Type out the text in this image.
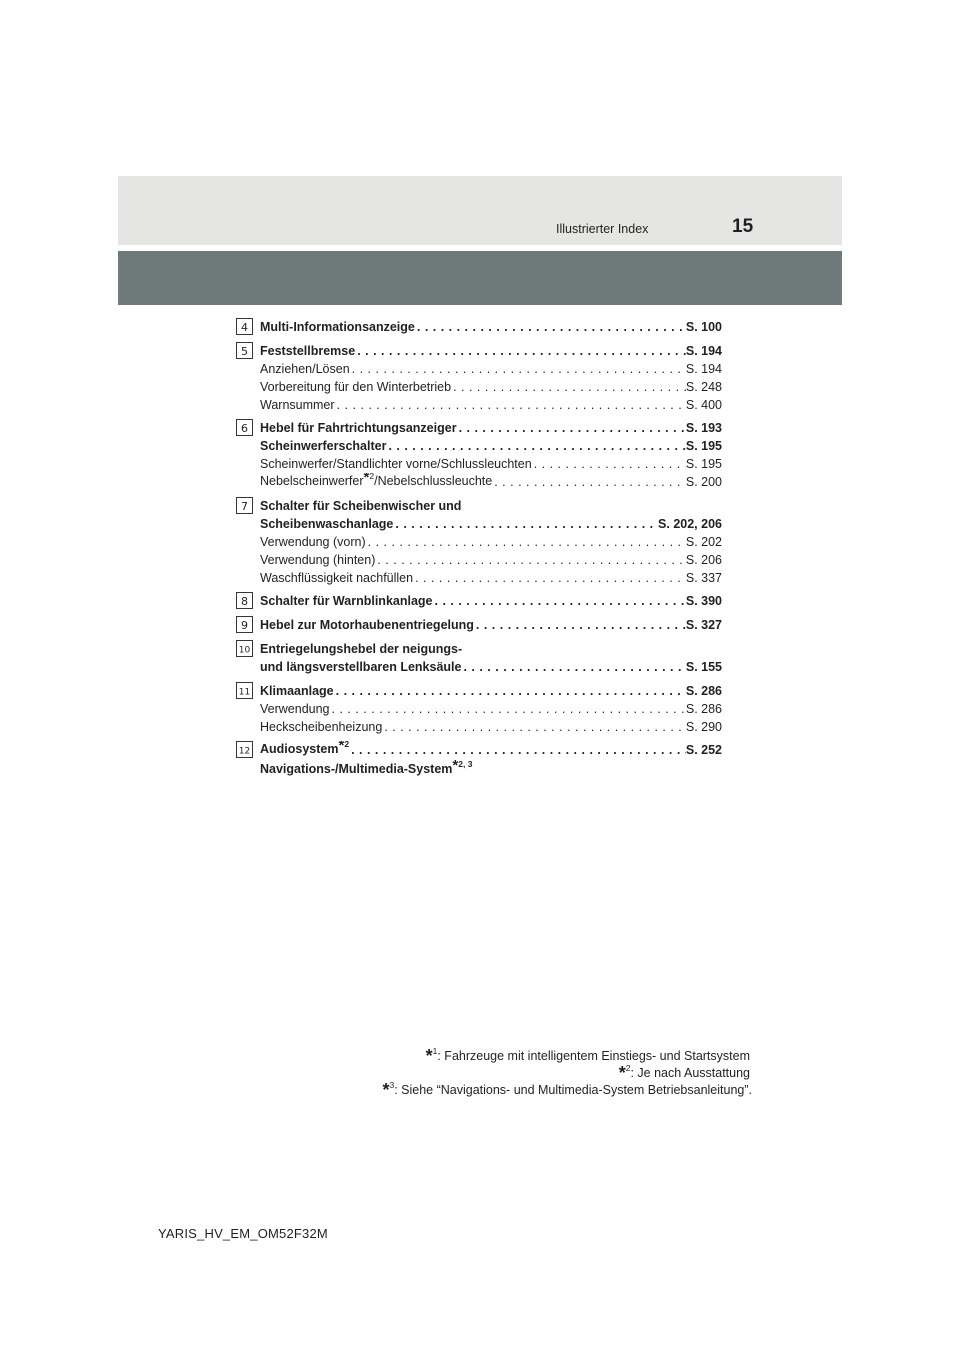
Illustrierter Index	15
4 Multi-Informationsanzeige . . .	S. 100
5 Feststellbremse . . .	S. 194
Anziehen/Lösen . . .	S. 194
Vorbereitung für den Winterbetrieb . . .	S. 248
Warnsummer . . .	S. 400
6 Hebel für Fahrtrichtungsanzeiger . . .	S. 193
Scheinwerferschalter . . .	S. 195
Scheinwerfer/Standlichter vorne/Schlussleuchten . . .	S. 195
Nebelscheinwerfer*$^2$/Nebelschlussleuchte . . .	S. 200
7 Schalter für Scheibenwischer und
Scheibenwaschanlage . . .	S. 202, 206
Verwendung (vorn) . . .	S. 202
Verwendung (hinten) . . .	S. 206
Waschflüssigkeit nachfüllen . . .	S. 337
8 Schalter für Warnblinkanlage . . .	S. 390
9 Hebel zur Motorhaubenentriegelung . . .	S. 327
10 Entriegelungshebel der neigungs-
und längsverstellbaren Lenksäule . . .	S. 155
11 Klimaanlage . . .	S. 286
Verwendung . . .	S. 286
Heckscheibenheizung . . .	S. 290
12 Audiosystem*$^2$ . . .	S. 252
Navigations-/Multimedia-System*$^{2, 3}$
*$^1$: Fahrzeuge mit intelligentem Einstiegs- und Startsystem
*$^2$: Je nach Ausstattung
*$^3$: Siehe “Navigations- und Multimedia-System Betriebsanleitung”.
YARIS_HV_EM_OM52F32M
